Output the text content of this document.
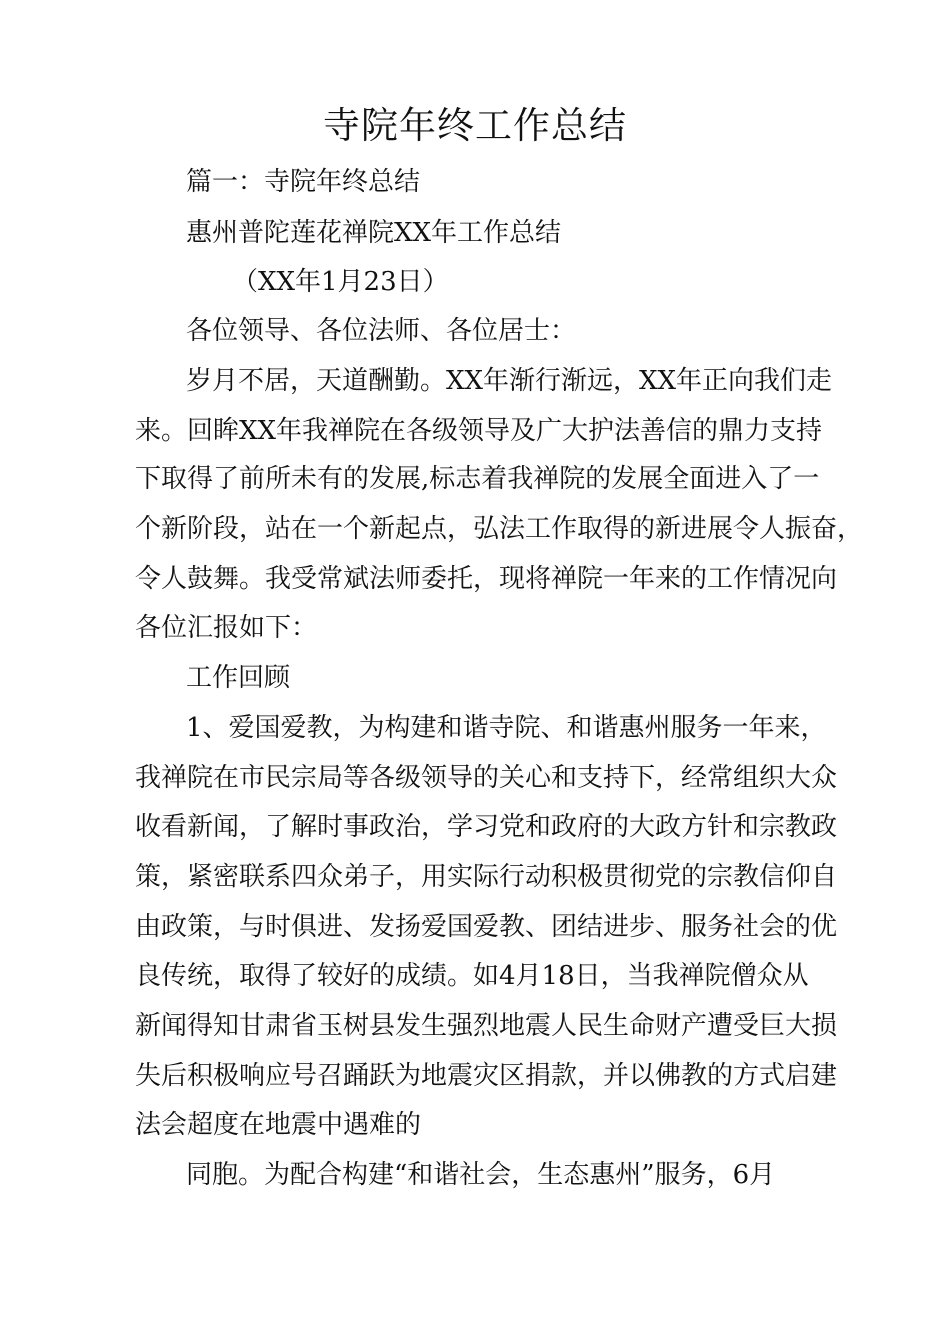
寺院年终工作总结
篇一：寺院年终总结
惠州普陀莲花禅院XX年工作总结
（XX年1月23日）
各位领导、各位法师、各位居士：
岁月不居，天道酬勤。XX年渐行渐远，XX年正向我们走
来。回眸XX年我禅院在各级领导及广大护法善信的鼎力支持
下取得了前所未有的发展,标志着我禅院的发展全面进入了一
个新阶段，站在一个新起点，弘法工作取得的新进展令人振奋，
令人鼓舞。我受常斌法师委托，现将禅院一年来的工作情况向
各位汇报如下：
工作回顾
1、爱国爱教，为构建和谐寺院、和谐惠州服务一年来，
我禅院在市民宗局等各级领导的关心和支持下，经常组织大众
收看新闻，了解时事政治，学习党和政府的大政方针和宗教政
策，紧密联系四众弟子，用实际行动积极贯彻党的宗教信仰自
由政策，与时俱进、发扬爱国爱教、团结进步、服务社会的优
良传统，取得了较好的成绩。如4月18日，当我禅院僧众从
新闻得知甘肃省玉树县发生强烈地震人民生命财产遭受巨大损
失后积极响应号召踊跃为地震灾区捐款，并以佛教的方式启建
法会超度在地震中遇难的
同胞。为配合构建“和谐社会，生态惠州”服务，6月
